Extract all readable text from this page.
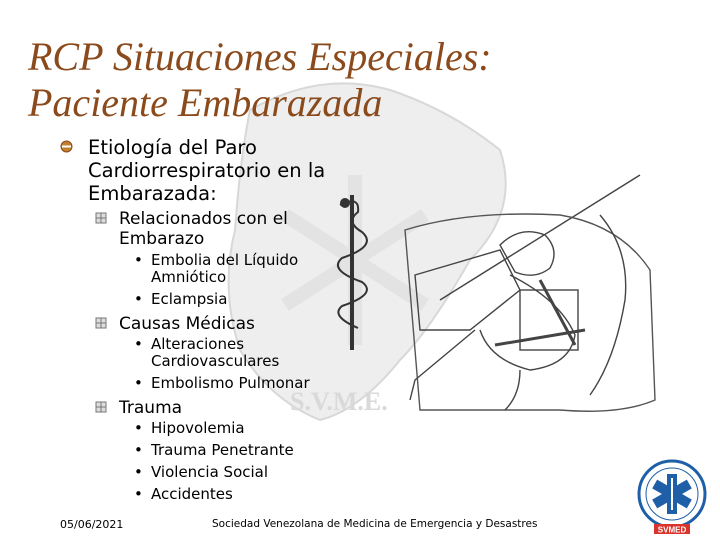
S.V.M.E.
RCP Situaciones Especiales: Paciente Embarazada
Etiología del Paro Cardiorrespiratorio en la Embarazada:
Relacionados con el Embarazo
• Embolia del Líquido Amniótico
• Eclampsia
Causas Médicas
• Alteraciones Cardiovasculares
• Embolismo Pulmonar
Trauma
• Hipovolemia
• Trauma Penetrante
• Violencia Social
• Accidentes
SVMED
05/06/2021	Sociedad Venezolana de Medicina de Emergencia y Desastres
